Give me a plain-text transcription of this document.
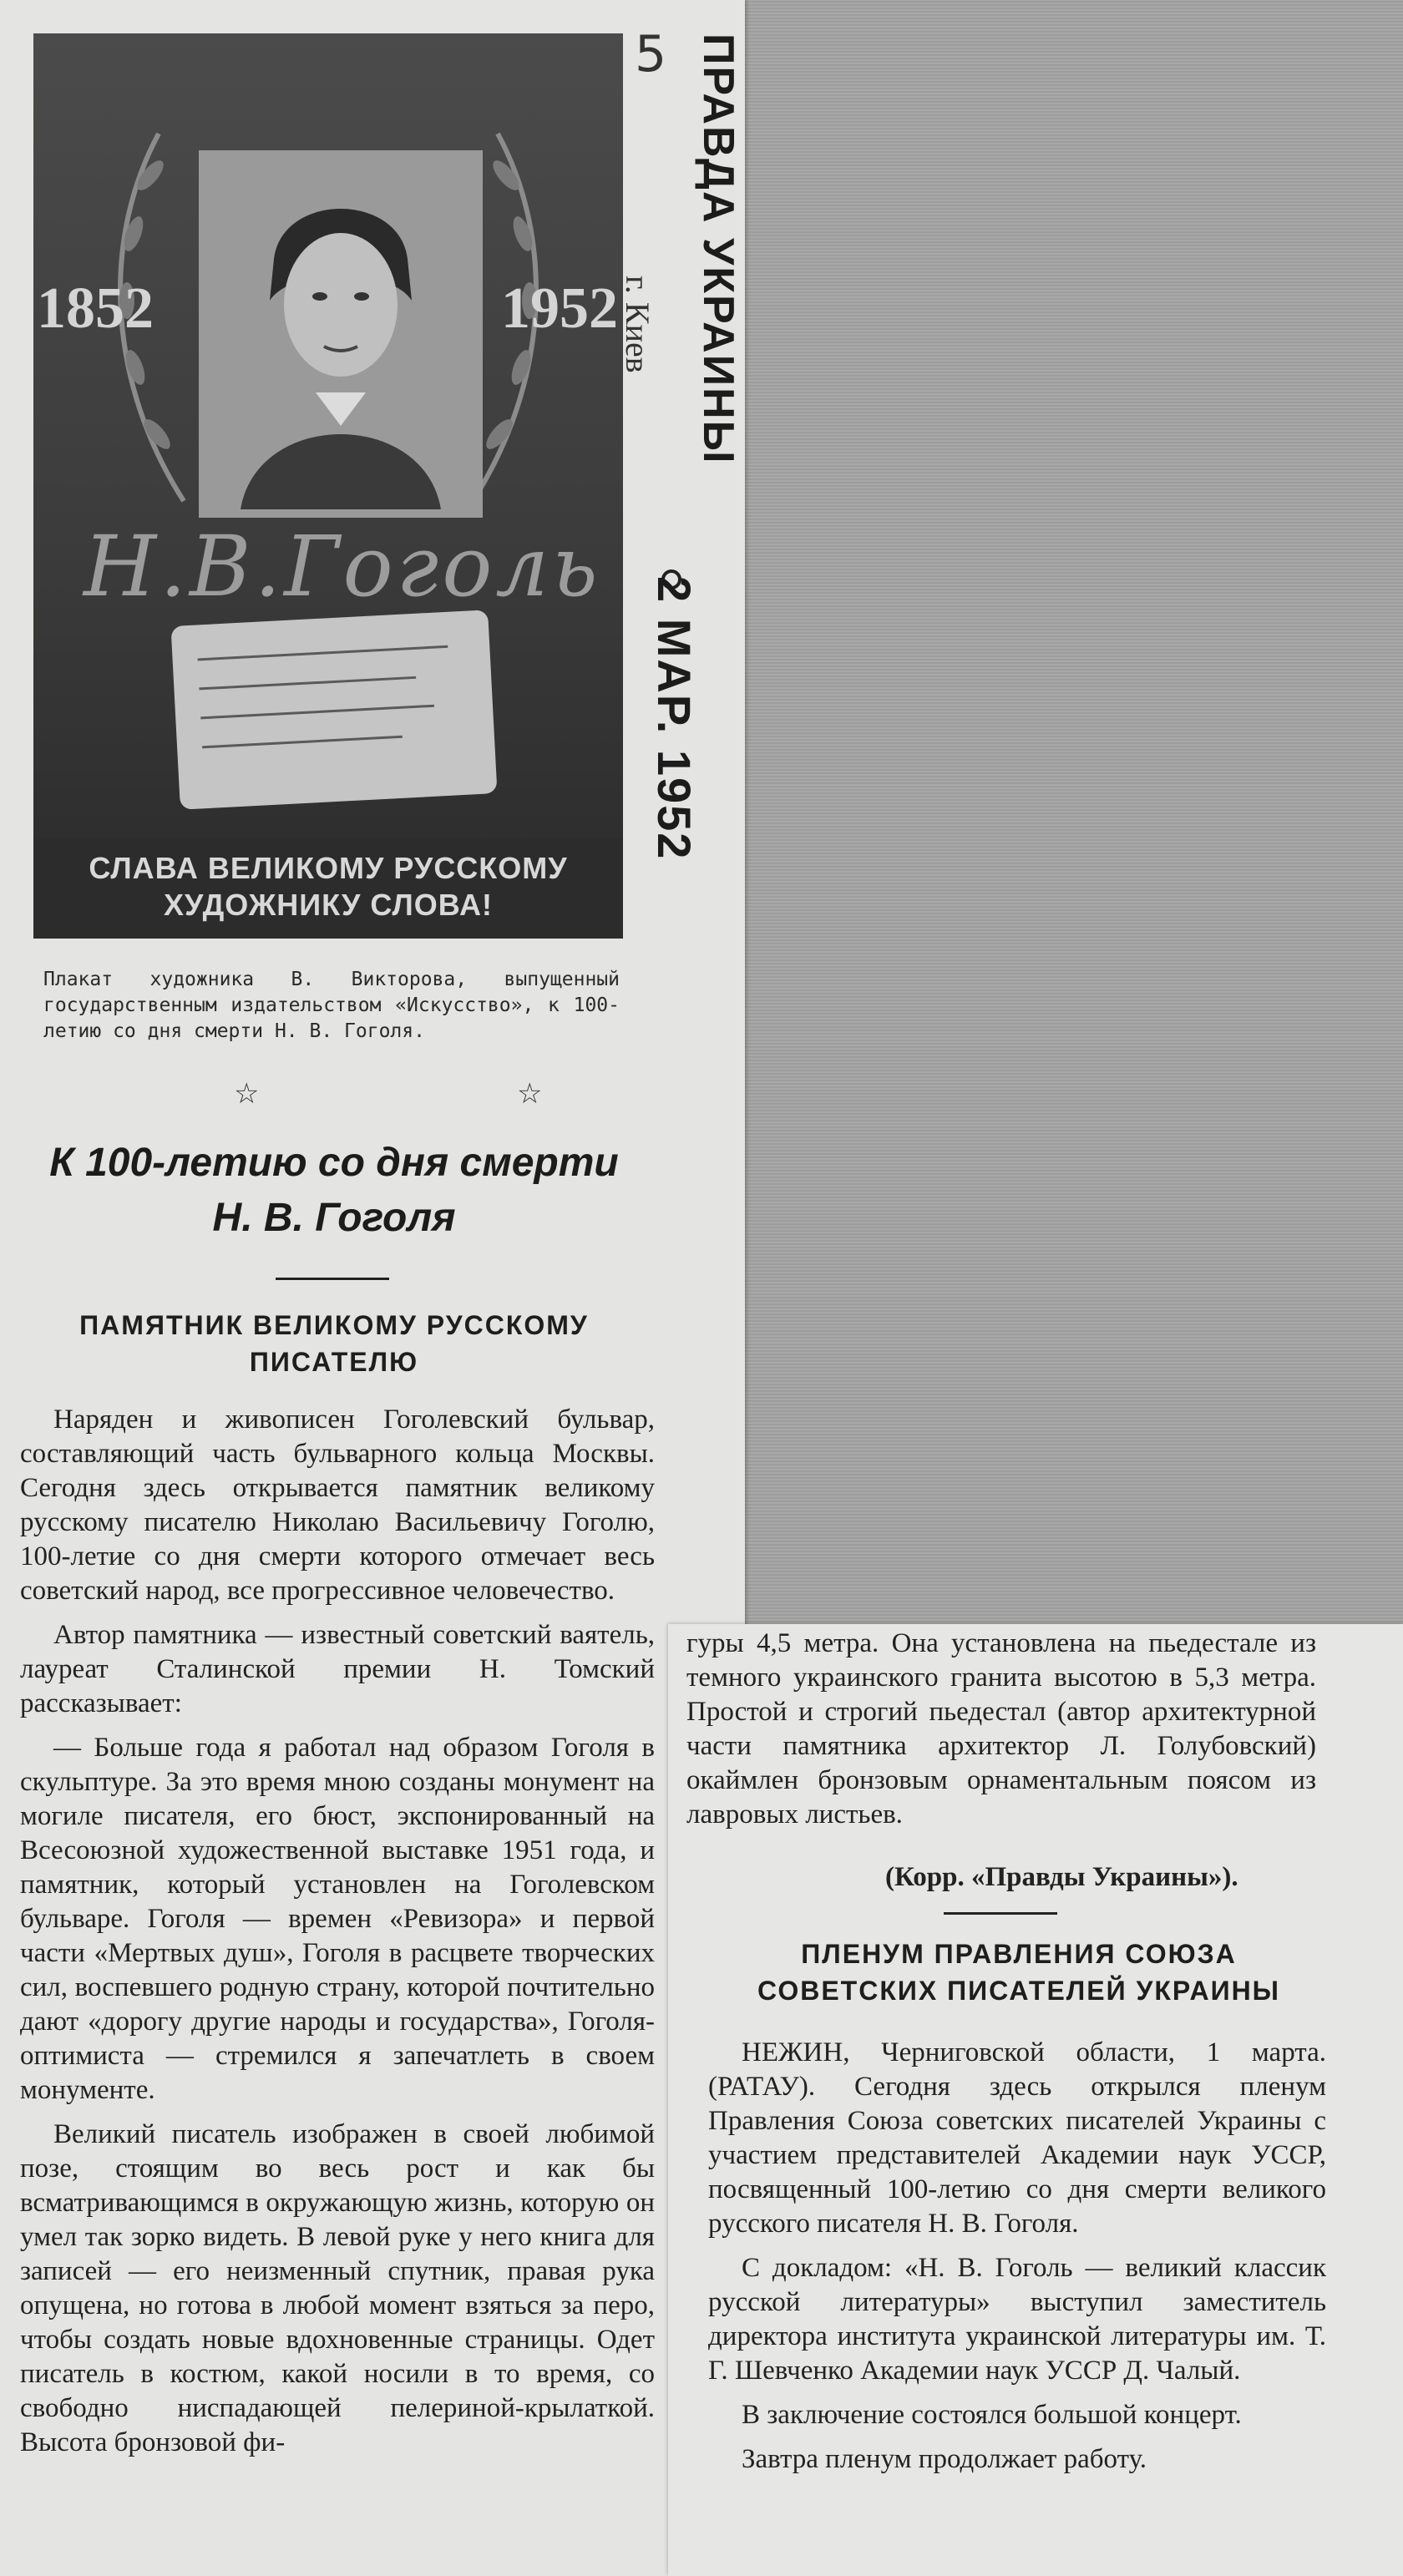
1852	1952
Н.В.Гоголь
СЛАВА ВЕЛИКОМУ РУССКОМУ
ХУДОЖНИКУ СЛОВА!
5 ПРАВДА УКРАИНЫ
г. Киев
2 МАР. 1952
Плакат художника В. Викторова, выпущенный государственным издательством «Искусство», к 100-летию со дня смерти Н. В. Гоголя.
☆ ☆
К 100-летию со дня смерти
Н. В. Гоголя
ПАМЯТНИК ВЕЛИКОМУ РУССКОМУ
ПИСАТЕЛЮ

Наряден и живописен Гоголевский бульвар, составляющий часть бульварного кольца Москвы. Сегодня здесь открывается памятник великому русскому писателю Николаю Васильевичу Гоголю, 100-летие со дня смерти которого отмечает весь советский народ, все прогрессивное человечество.

Автор памятника — известный советский ваятель, лауреат Сталинской премии Н. Томский рассказывает:

— Больше года я работал над образом Гоголя в скульптуре. За это время мною созданы монумент на могиле писателя, его бюст, экспонированный на Всесоюзной художественной выставке 1951 года, и памятник, который установлен на Гоголевском бульваре. Гоголя — времен «Ревизора» и первой части «Мертвых душ», Гоголя в расцвете творческих сил, воспевшего родную страну, которой почтительно дают «дорогу другие народы и государства», Гоголя-оптимиста — стремился я запечатлеть в своем монументе.

Великий писатель изображен в своей любимой позе, стоящим во весь рост и как бы всматривающимся в окружающую жизнь, которую он умел так зорко видеть. В левой руке у него книга для записей — его неизменный спутник, правая рука опущена, но готова в любой момент взяться за перо, чтобы создать новые вдохновенные страницы. Одет писатель в костюм, какой носили в то время, со свободно ниспадающей пелериной-крылаткой. Высота бронзовой фи-

гуры 4,5 метра. Она установлена на пьедестале из темного украинского гранита высотою в 5,3 метра. Простой и строгий пьедестал (автор архитектурной части памятника архитектор Л. Голубовский) окаймлен бронзовым орнаментальным поясом из лавровых листьев.

(Корр. «Правды Украины»).
ПЛЕНУМ ПРАВЛЕНИЯ СОЮЗА
СОВЕТСКИХ ПИСАТЕЛЕЙ УКРАИНЫ

НЕЖИН, Черниговской области, 1 марта. (РАТАУ). Сегодня здесь открылся пленум Правления Союза советских писателей Украины с участием представителей Академии наук УССР, посвященный 100-летию со дня смерти великого русского писателя Н. В. Гоголя.

С докладом: «Н. В. Гоголь — великий классик русской литературы» выступил заместитель директора института украинской литературы им. Т. Г. Шевченко Академии наук УССР Д. Чалый.

В заключение состоялся большой концерт.

Завтра пленум продолжает работу.
